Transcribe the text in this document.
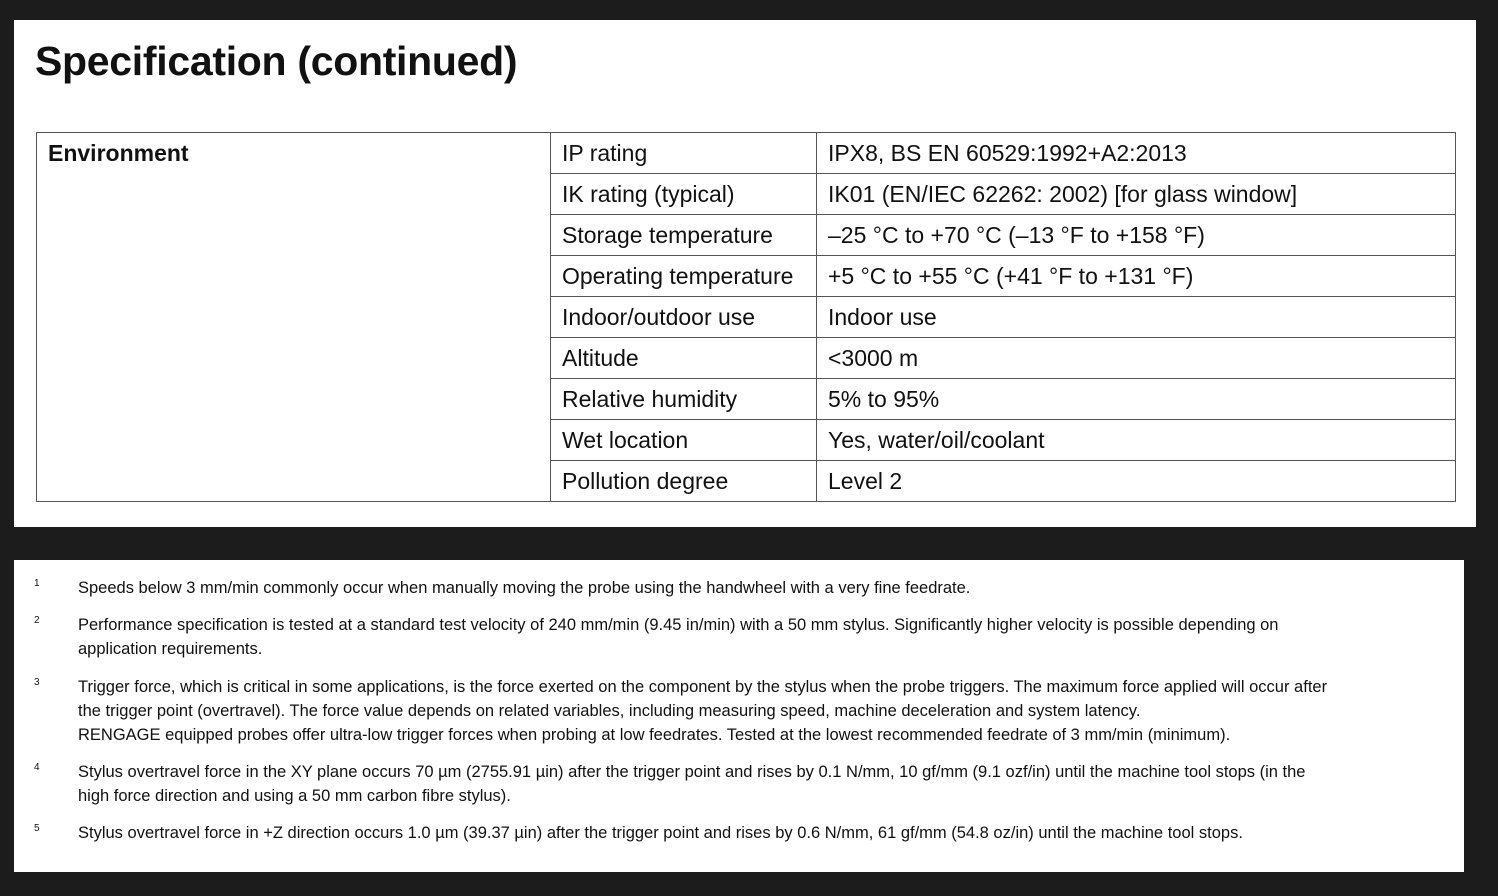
Specification (continued)
Environment	IP rating	IPX8, BS EN 60529:1992+A2:2013
	IK rating (typical)	IK01 (EN/IEC 62262: 2002) [for glass window]
	Storage temperature	–25 °C to +70 °C (–13 °F to +158 °F)
	Operating temperature	+5 °C to +55 °C (+41 °F to +131 °F)
	Indoor/outdoor use	Indoor use
	Altitude	<3000 m
	Relative humidity	5% to 95%
	Wet location	Yes, water/oil/coolant
	Pollution degree	Level 2
1 Speeds below 3 mm/min commonly occur when manually moving the probe using the handwheel with a very fine feedrate.
2 Performance specification is tested at a standard test velocity of 240 mm/min (9.45 in/min) with a 50 mm stylus. Significantly higher velocity is possible depending on
application requirements.
3 Trigger force, which is critical in some applications, is the force exerted on the component by the stylus when the probe triggers. The maximum force applied will occur after
the trigger point (overtravel). The force value depends on related variables, including measuring speed, machine deceleration and system latency.
RENGAGE equipped probes offer ultra-low trigger forces when probing at low feedrates. Tested at the lowest recommended feedrate of 3 mm/min (minimum).
4 Stylus overtravel force in the XY plane occurs 70 µm (2755.91 µin) after the trigger point and rises by 0.1 N/mm, 10 gf/mm (9.1 ozf/in) until the machine tool stops (in the
high force direction and using a 50 mm carbon fibre stylus).
5 Stylus overtravel force in +Z direction occurs 1.0 µm (39.37 µin) after the trigger point and rises by 0.6 N/mm, 61 gf/mm (54.8 oz/in) until the machine tool stops.
